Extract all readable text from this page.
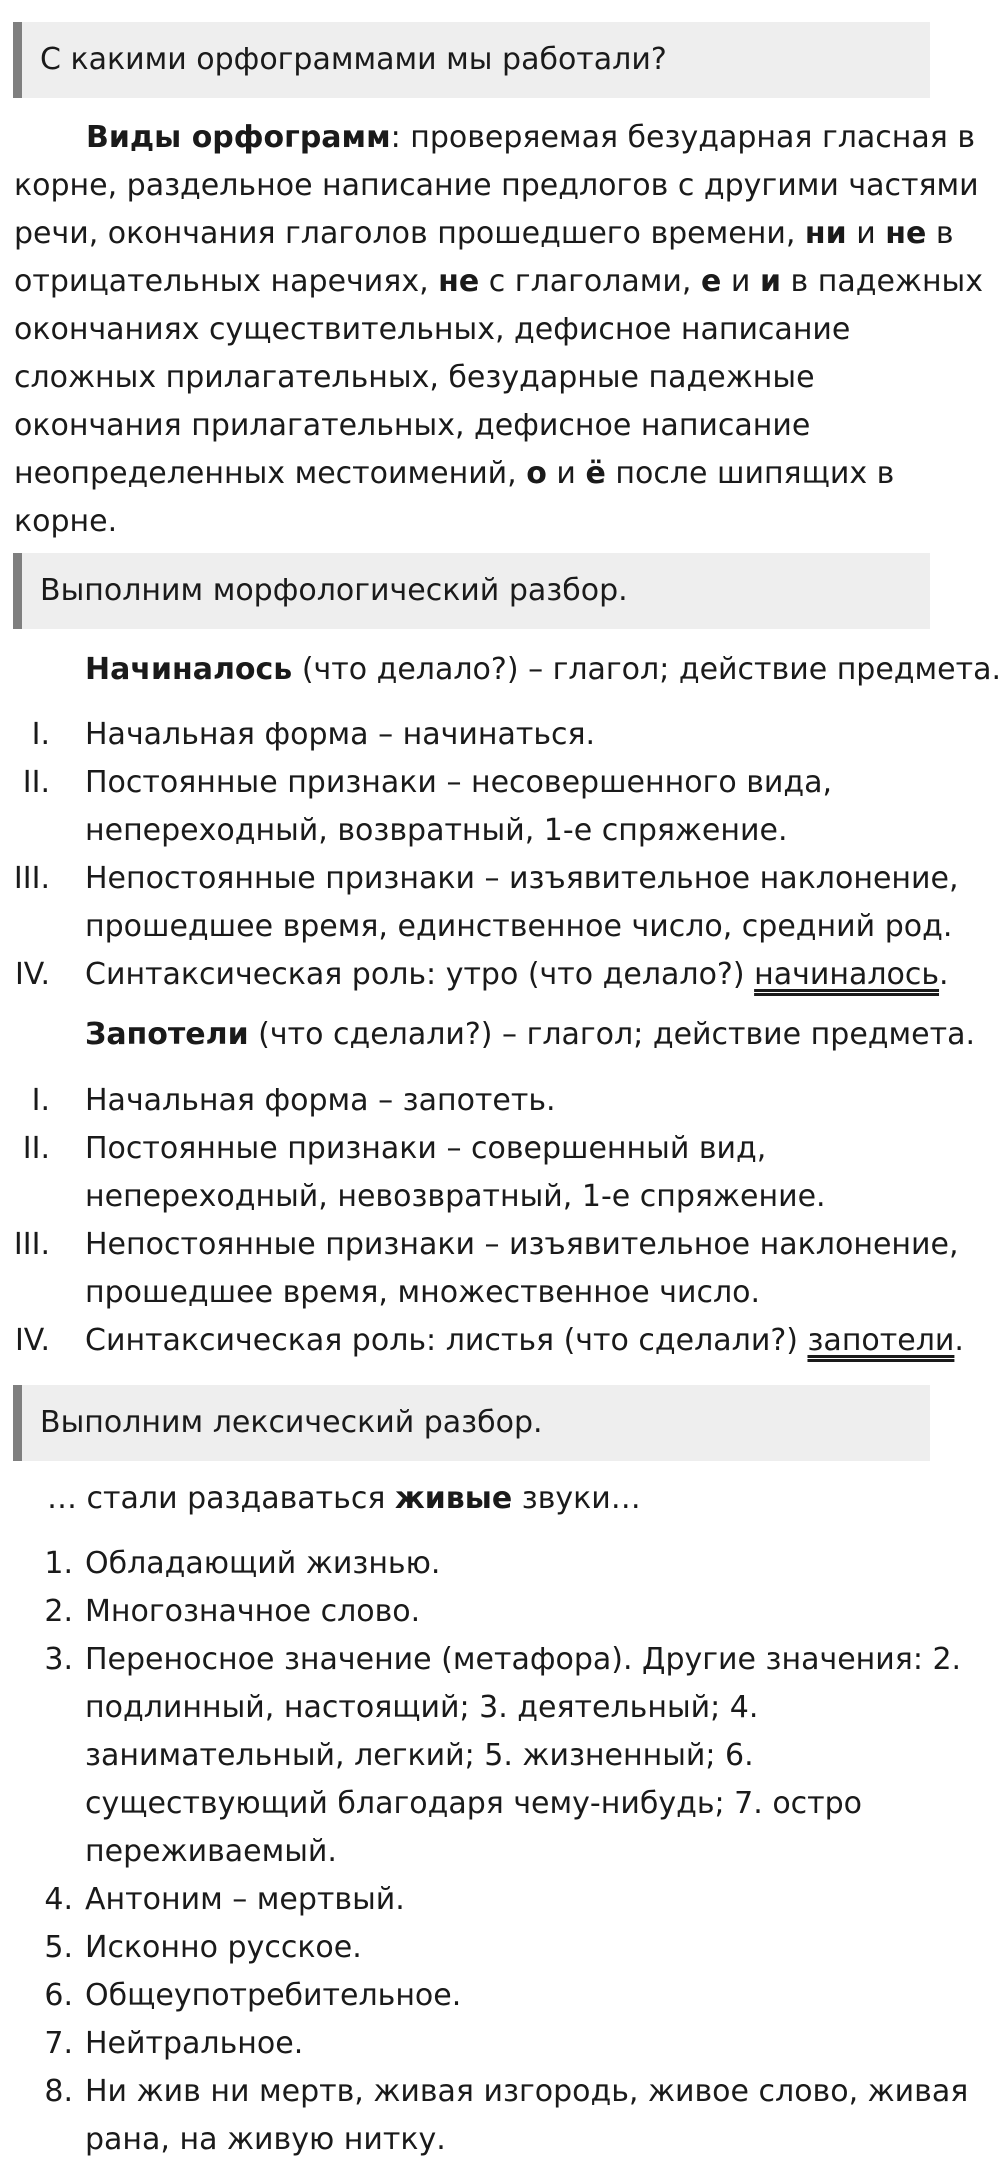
С какими орфограммами мы работали?
Виды орфограмм: проверяемая безударная гласная в
корне, раздельное написание предлогов с другими частями
речи, окончания глаголов прошедшего времени, ни и не в
отрицательных наречиях, не с глаголами, е и и в падежных
окончаниях существительных, дефисное написание
сложных прилагательных, безударные падежные
окончания прилагательных, дефисное написание
неопределенных местоимений, о и ё после шипящих в
корне.
Выполним морфологический разбор.
Начиналось (что делало?) – глагол; действие предмета.
I. Начальная форма – начинаться.
II. Постоянные признаки – несовершенного вида,
непереходный, возвратный, 1-е спряжение.
III. Непостоянные признаки – изъявительное наклонение,
прошедшее время, единственное число, средний род.
IV. Синтаксическая роль: утро (что делало?) начиналось.
Запотели (что сделали?) – глагол; действие предмета.
I. Начальная форма – запотеть.
II. Постоянные признаки – совершенный вид,
непереходный, невозвратный, 1-е спряжение.
III. Непостоянные признаки – изъявительное наклонение,
прошедшее время, множественное число.
IV. Синтаксическая роль: листья (что сделали?) запотели.
Выполним лексический разбор.
… стали раздаваться живые звуки…
1. Обладающий жизнью.
2. Многозначное слово.
3. Переносное значение (метафора). Другие значения: 2.
подлинный, настоящий; 3. деятельный; 4.
занимательный, легкий; 5. жизненный; 6.
существующий благодаря чему-нибудь; 7. остро
переживаемый.
4. Антоним – мертвый.
5. Исконно русское.
6. Общеупотребительное.
7. Нейтральное.
8. Ни жив ни мертв, живая изгородь, живое слово, живая
рана, на живую нитку.
